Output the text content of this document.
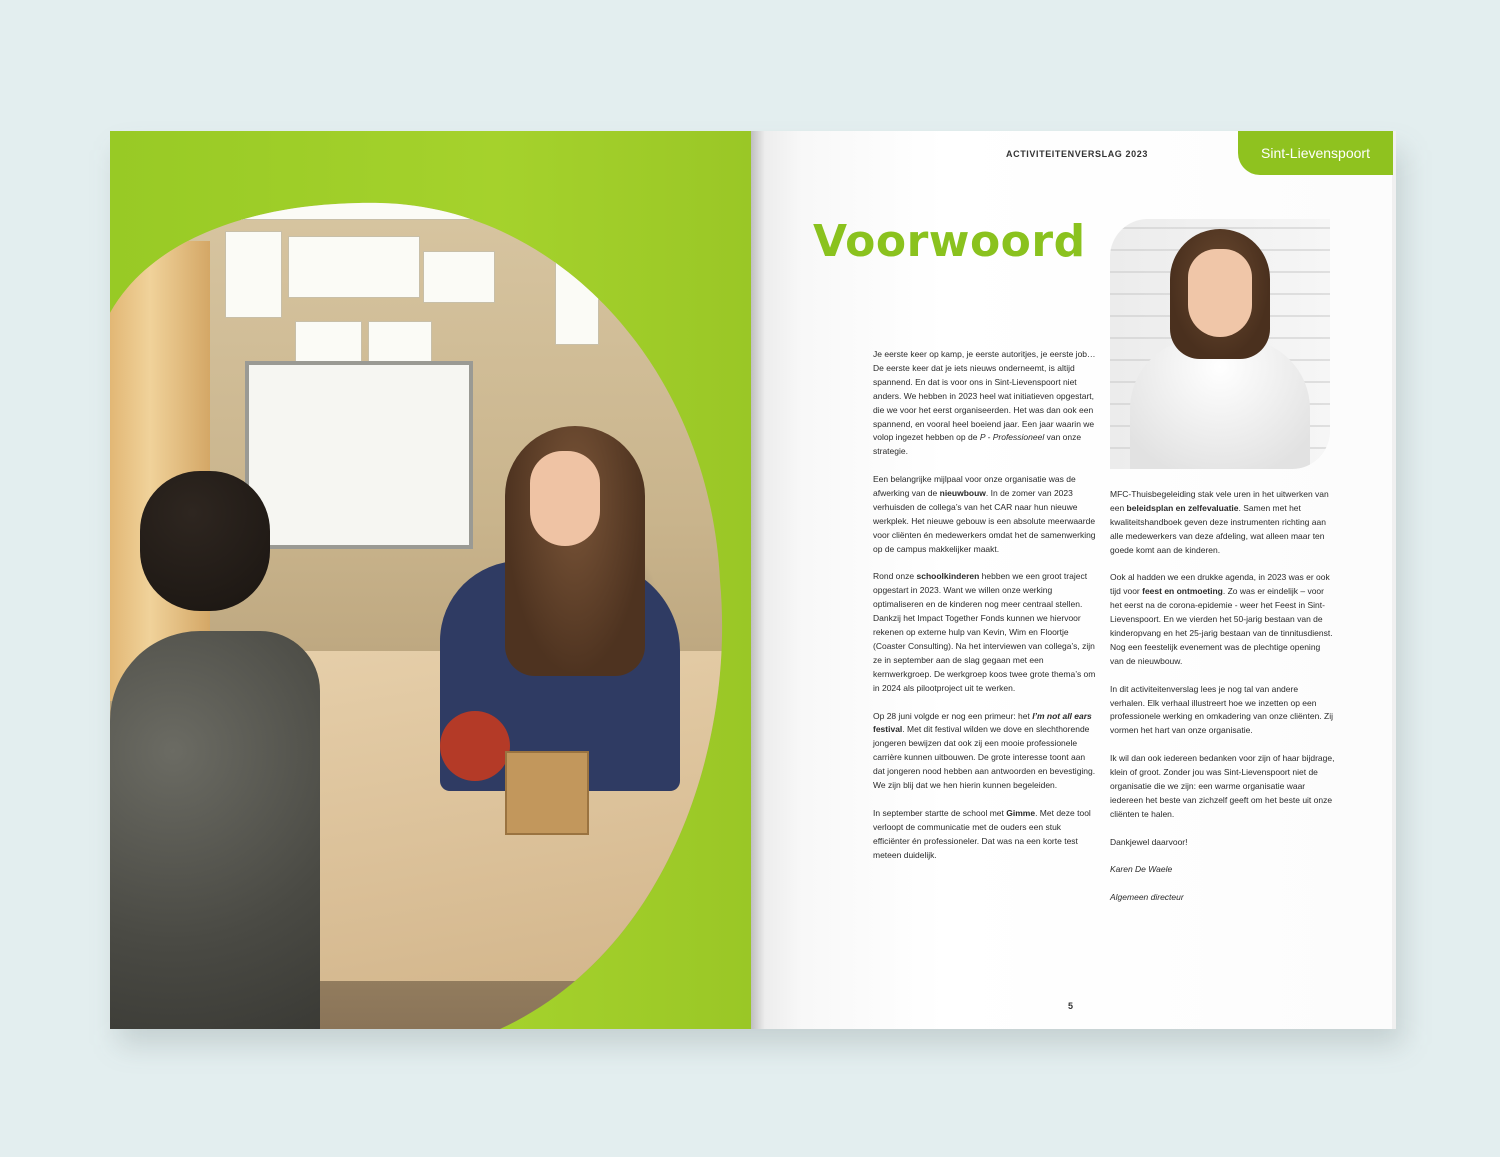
ACTIVITEITENVERSLAG 2023	Sint-Lievenspoort
Voorwoord

Je eerste keer op kamp, je eerste autoritjes, je eerste job… De eerste keer dat je iets nieuws onderneemt, is altijd spannend. En dat is voor ons in Sint-Lievenspoort niet anders. We hebben in 2023 heel wat initiatieven opgestart, die we voor het eerst organiseerden. Het was dan ook een spannend, en vooral heel boeiend jaar. Een jaar waarin we volop ingezet hebben op de P - Professioneel van onze strategie.

Een belangrijke mijlpaal voor onze organisatie was de afwerking van de nieuwbouw. In de zomer van 2023 verhuisden de collega’s van het CAR naar hun nieuwe werkplek. Het nieuwe gebouw is een absolute meerwaarde voor cliënten én medewerkers omdat het de samenwerking op de campus makkelijker maakt.

Rond onze schoolkinderen hebben we een groot traject opgestart in 2023. Want we willen onze werking optimaliseren en de kinderen nog meer centraal stellen. Dankzij het Impact Together Fonds kunnen we hiervoor rekenen op externe hulp van Kevin, Wim en Floortje (Coaster Consulting). Na het interviewen van collega’s, zijn ze in september aan de slag gegaan met een kernwerkgroep. De werkgroep koos twee grote thema’s om in 2024 als pilootproject uit te werken.

Op 28 juni volgde er nog een primeur: het I’m not all ears festival. Met dit festival wilden we dove en slechthorende jongeren bewijzen dat ook zij een mooie professionele carrière kunnen uitbouwen. De grote interesse toont aan dat jongeren nood hebben aan antwoorden en bevestiging. We zijn blij dat we hen hierin kunnen begeleiden.

In september startte de school met Gimme. Met deze tool verloopt de communicatie met de ouders een stuk efficiënter én professioneler. Dat was na een korte test meteen duidelijk.

MFC-Thuisbegeleiding stak vele uren in het uitwerken van een beleidsplan en zelfevaluatie. Samen met het kwaliteitshandboek geven deze instrumenten richting aan alle medewerkers van deze afdeling, wat alleen maar ten goede komt aan de kinderen.

Ook al hadden we een drukke agenda, in 2023 was er ook tijd voor feest en ontmoeting. Zo was er eindelijk – voor het eerst na de corona-epidemie - weer het Feest in Sint-Lievenspoort. En we vierden het 50-jarig bestaan van de kinderopvang en het 25-jarig bestaan van de tinnitusdienst. Nog een feestelijk evenement was de plechtige opening van de nieuwbouw.

In dit activiteitenverslag lees je nog tal van andere verhalen. Elk verhaal illustreert hoe we inzetten op een professionele werking en omkadering van onze cliënten. Zij vormen het hart van onze organisatie.

Ik wil dan ook iedereen bedanken voor zijn of haar bijdrage, klein of groot. Zonder jou was Sint-Lievenspoort niet de organisatie die we zijn: een warme organisatie waar iedereen het beste van zichzelf geeft om het beste uit onze cliënten te halen.

Dankjewel daarvoor!

Karen De Waele

Algemeen directeur

5
